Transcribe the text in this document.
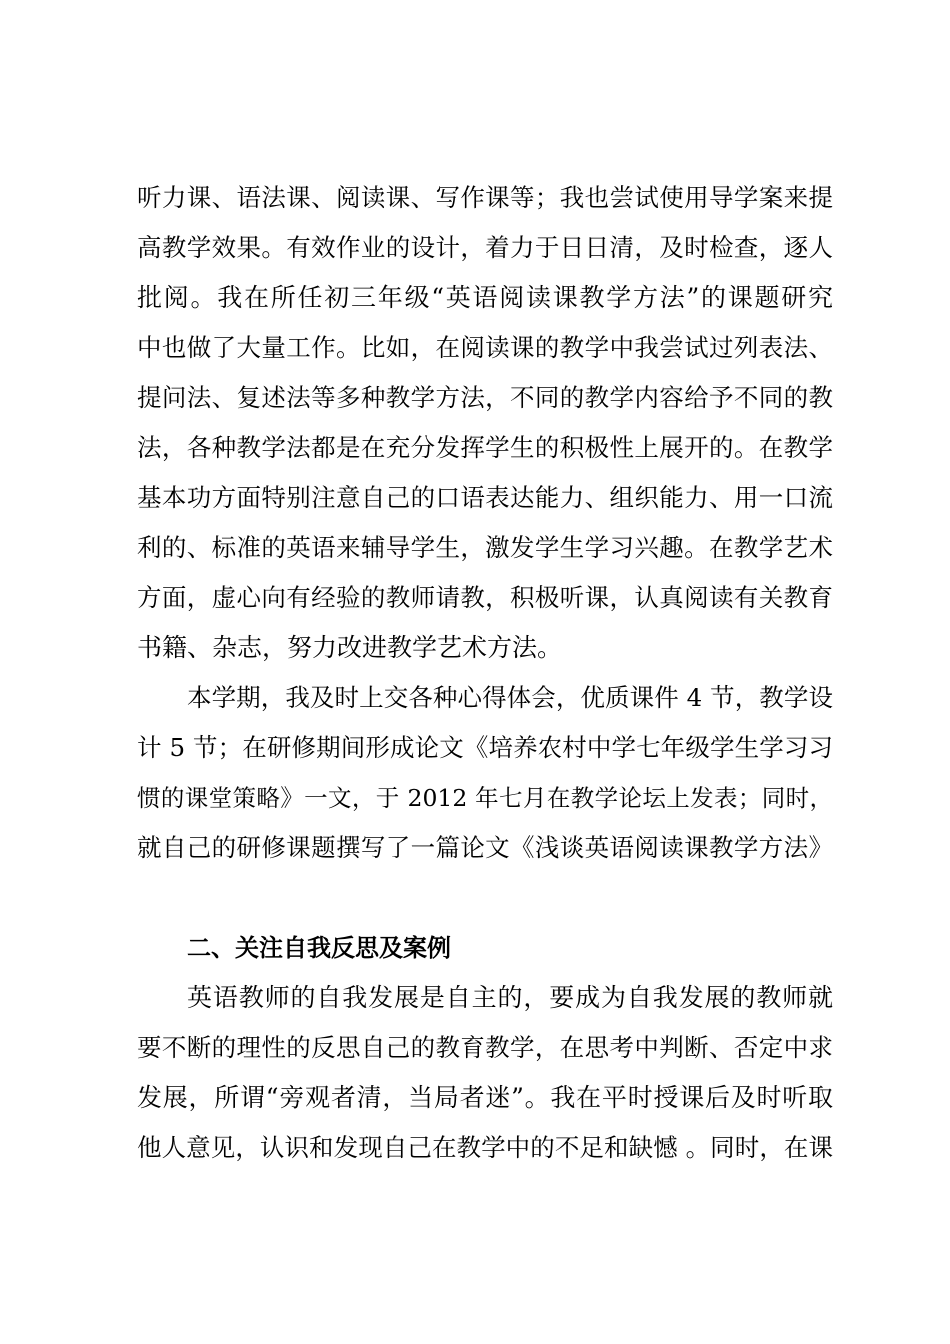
听力课、语法课、阅读课、写作课等；我也尝试使用导学案来提
高教学效果。有效作业的设计，着力于日日清，及时检查，逐人
批阅。我在所任初三年级“英语阅读课教学方法”的课题研究
中也做了大量工作。比如，在阅读课的教学中我尝试过列表法、
提问法、复述法等多种教学方法，不同的教学内容给予不同的教
法，各种教学法都是在充分发挥学生的积极性上展开的。在教学
基本功方面特别注意自己的口语表达能力、组织能力、用一口流
利的、标准的英语来辅导学生，激发学生学习兴趣。在教学艺术
方面，虚心向有经验的教师请教，积极听课，认真阅读有关教育
书籍、杂志，努力改进教学艺术方法。
本学期，我及时上交各种心得体会，优质课件 4 节，教学设
计 5 节；在研修期间形成论文《培养农村中学七年级学生学习习
惯的课堂策略》一文，于 2012 年七月在教学论坛上发表；同时，
就自己的研修课题撰写了一篇论文《浅谈英语阅读课教学方法》
二、关注自我反思及案例
英语教师的自我发展是自主的，要成为自我发展的教师就
要不断的理性的反思自己的教育教学，在思考中判断、否定中求
发展，所谓“旁观者清，当局者迷”。我在平时授课后及时听取
他人意见，认识和发现自己在教学中的不足和缺憾 。同时，在课
